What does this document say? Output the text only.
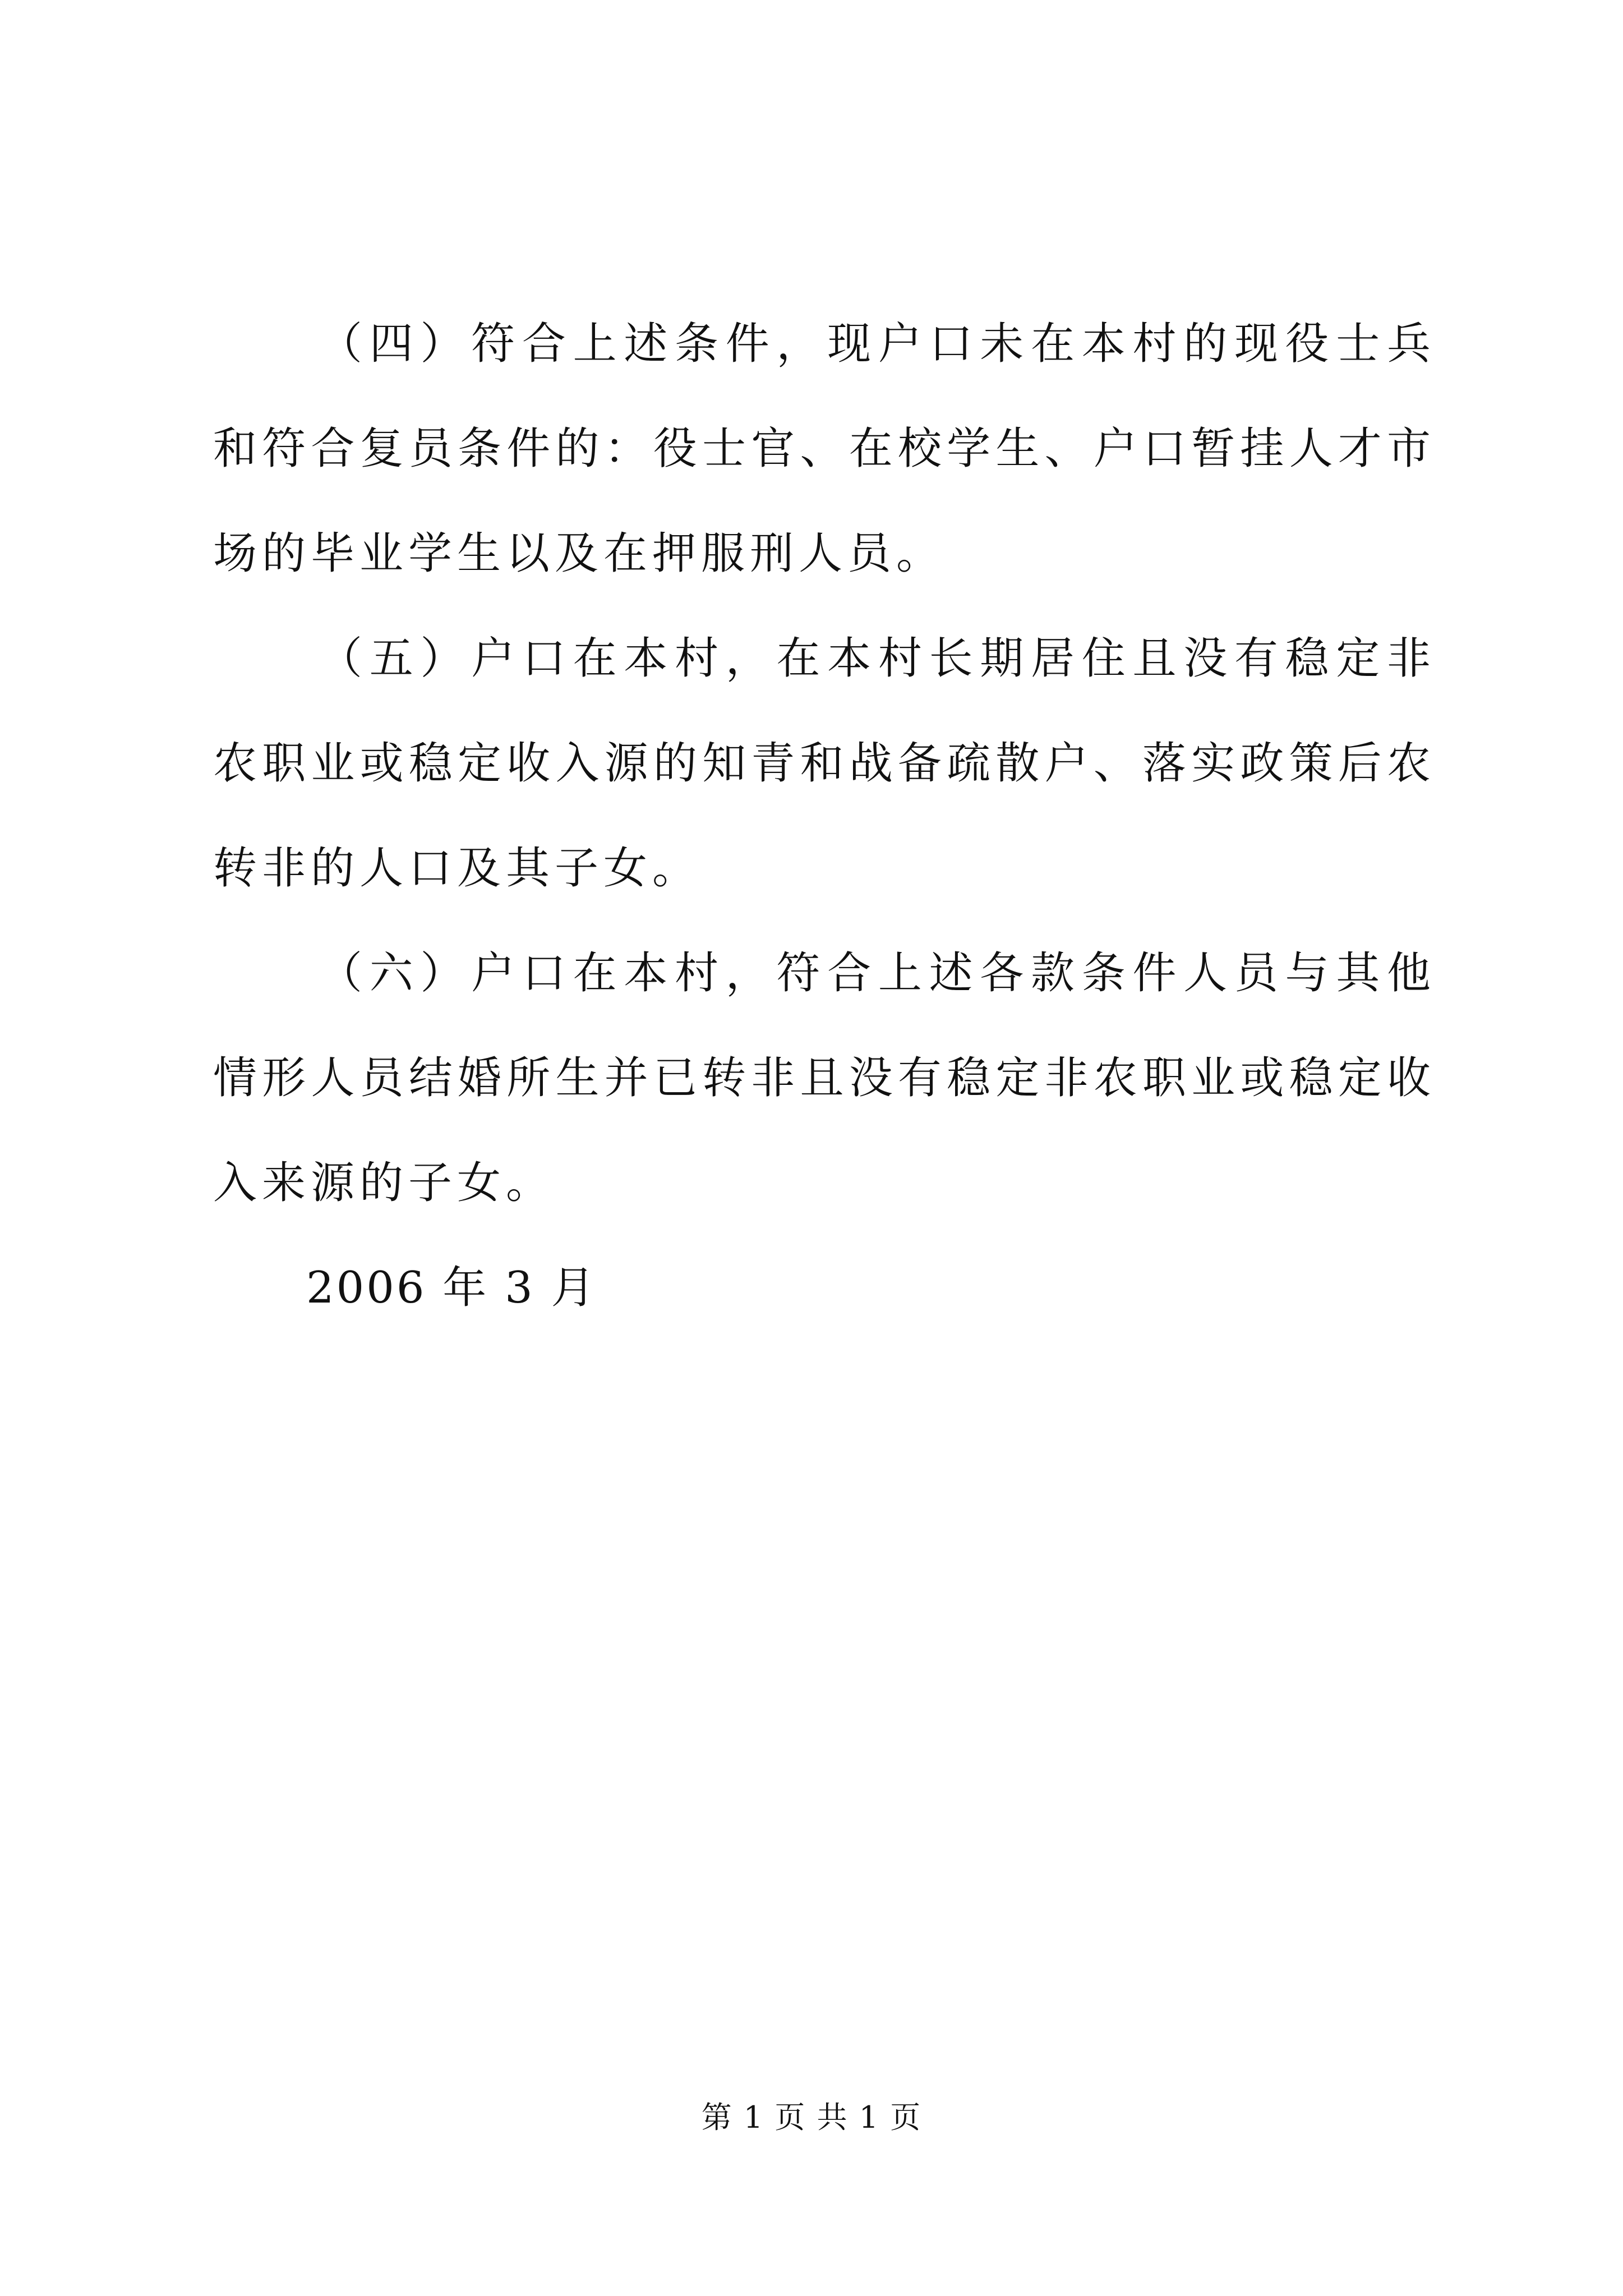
（四）符合上述条件，现户口未在本村的现役士兵和符合复员条件的：役士官、在校学生、户口暂挂人才市场的毕业学生以及在押服刑人员。

（五）户口在本村，在本村长期居住且没有稳定非农职业或稳定收入源的知青和战备疏散户、落实政策后农转非的人口及其子女。

（六）户口在本村，符合上述各款条件人员与其他情形人员结婚所生并已转非且没有稳定非农职业或稳定收入来源的子女。

2006 年 3 月

第 1 页 共 1 页
